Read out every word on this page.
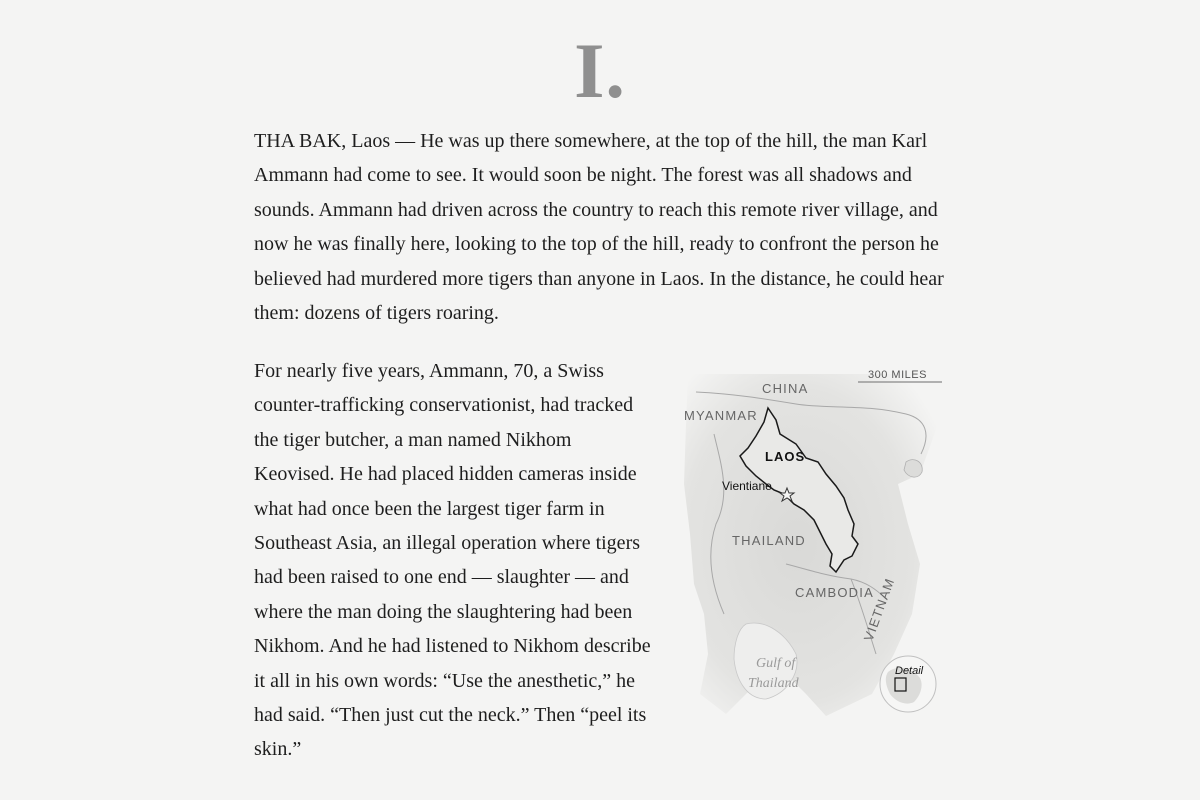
I.

THA BAK, Laos — He was up there somewhere, at the top of the hill, the man Karl Ammann had come to see. It would soon be night. The forest was all shadows and sounds. Ammann had driven across the country to reach this remote river village, and now he was finally here, looking to the top of the hill, ready to confront the person he believed had murdered more tigers than anyone in Laos. In the distance, he could hear them: dozens of tigers roaring.

For nearly five years, Ammann, 70, a Swiss counter-trafficking conservationist, had tracked the tiger butcher, a man named Nikhom Keovised. He had placed hidden cameras inside what had once been the largest tiger farm in Southeast Asia, an illegal operation where tigers had been raised to one end — slaughter — and where the man doing the slaughtering had been Nikhom. And he had listened to Nikhom describe it all in his own words: “Use the anesthetic,” he had said. “Then just cut the neck.” Then “peel its skin.”

300 MILES
CHINA
MYANMAR
LAOS
Vientiane
THAILAND
CAMBODIA
VIETNAM
Gulf of
Thailand
Detail
